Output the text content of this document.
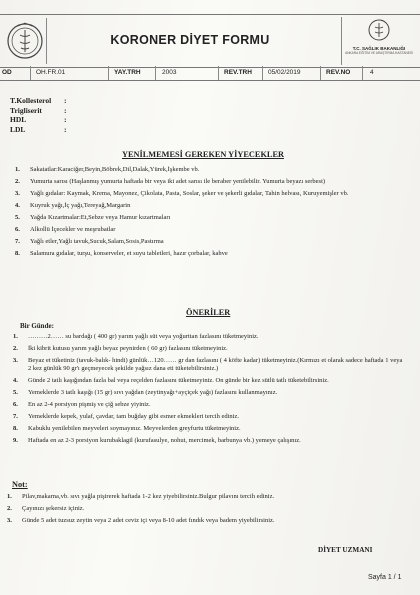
KORONER DİYET FORMU
T.C. SAĞLIK BAKANLIĞI
ANKARA EĞİTİM VE ARAŞTIRMA HASTANESİ
OD	OH.FR.01	YAY.TRH	2003	REV.TRH 05/02/2019	REV.NO	4
T.Kollesterol :
Trigliserit	:
HDL	:
LDL	:
YENİLMEMESİ GEREKEN YİYECEKLER
1. Sakatatlar:Karaciğer,Beyin,Böbrek,Dil,Dalak,Yürek,İşkembe vb.
2. Yumurta sarısı (Haşlanmış yumurta haftada bir veya iki adet sarısı ile beraber yenilebilir. Yumurta beyazı serbest)
3. Yağlı gıdalar: Kaymak, Krema, Mayonez, Çikolata, Pasta, Soslar, şeker ve şekerli gıdalar, Tahin helvası, Kuruyemişler vb.
4. Kuyruk yağı,İç yağı,Tereyağ,Margarin
5. Yağda Kızartmalar:Et,Sebze veya Hamur kızartmaları
6. Alkollü İçecekler ve meşrubatlar
7. Yağlı etler,Yağlı tavuk,Sucuk,Salam,Sosis,Pastırma
8. Salamura gıdalar, turşu, konserveler, et suyu tabletleri, hazır çorbalar, kahve
ÖNERİLER
Bir Günde:
1. ………2…… su bardağı ( 400 gr) yarım yağlı süt veya yoğurttan fazlasını tüketmeyiniz.
2. İki kibrit kutusu yarım yağlı beyaz peynirden ( 60 gr) fazlasını tüketmeyiniz.
3. Beyaz et tüketiniz (tavuk-balık- hindi) günlük…120…… gr dan fazlasını ( 4 köfte kadar) tüketmeyiniz.(Kırmızı et olarak sadece haftada 1 veya 2 kez günlük 90 gr'ı geçmeyecek şekilde yağsız dana eti tüketebilirsiniz.)
4. Günde 2 tatlı kaşığından fazla bal veya reçelden fazlasını tüketmeyiniz. On günde bir kez sütlü tatlı tüketebilirsiniz.
5. Yemeklerde 3 tatlı kaşığı (15 gr) sıvı yağdan (zeytinyağı+ayçiçek yağı) fazlasını kullanmayınız.
6. En az 2-4 porsiyon pişmiş ve çiğ sebze yiyiniz.
7. Yemeklerde kepek, yulaf, çavdar, tam buğday gibi esmer ekmekleri tercih ediniz.
8. Kabuklu yenilebilen meyveleri soymayınız. Meyvelerden greyfurtu tüketmeyiniz.
9. Haftada en az 2-3 porsiyon kurubaklagil (kurufasulye, nohut, mercimek, barbunya vb.) yemeye çalışınız.
Not:
1. Pilav,makarna,vb. sıvı yağla pişirerek haftada 1-2 kez yiyebilirsiniz.Bulgur pilavını tercih ediniz.
2. Çayınızı şekersiz içiniz.
3. Günde 5 adet tuzsuz zeytin veya 2 adet ceviz içi veya 8-10 adet fındık veya badem yiyebilirsiniz.
DİYET UZMANI
Sayfa 1 / 1
